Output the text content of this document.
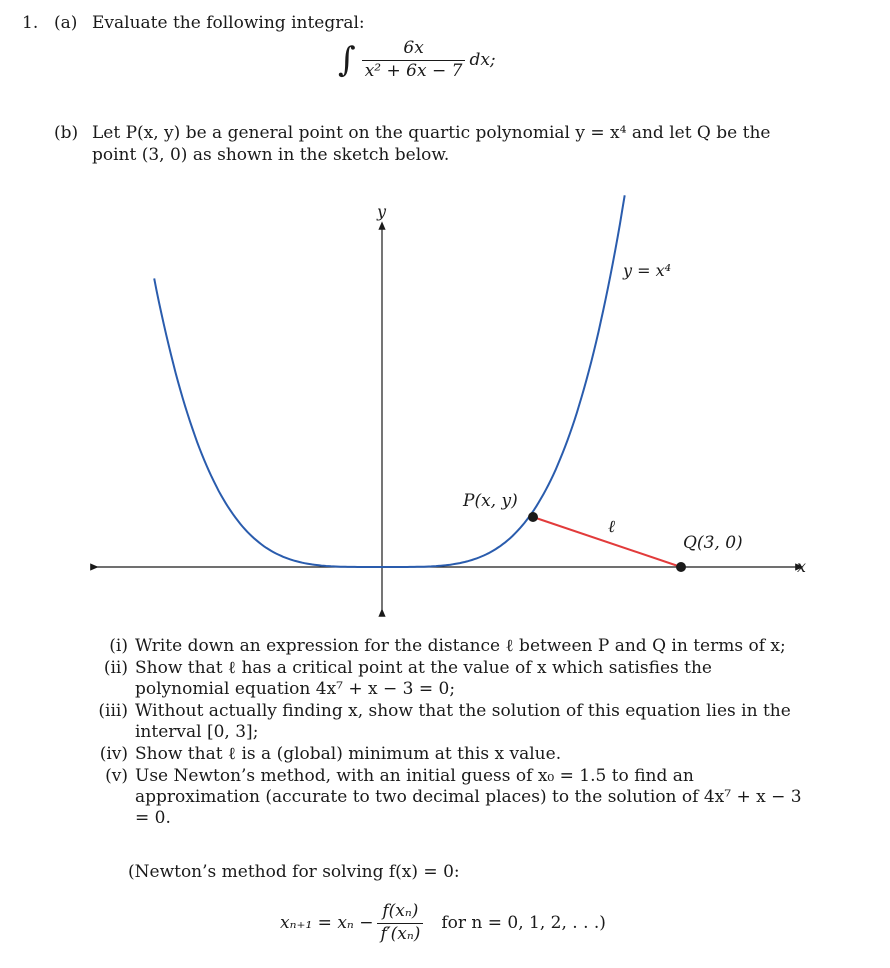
1. (a) Evaluate the following integral:
∫ $\frac{6x}{\text{x² + 6x − 7}}$ dx;
(b) Let P(x, y) be a general point on the quartic polynomial y = x⁴ and let Q be the
point (3, 0) as shown in the sketch below.
y
x
y = x⁴
P(x, y)
ℓ
Q(3, 0)
(i) Write down an expression for the distance ℓ between P and Q in terms of x;
(ii) Show that ℓ has a critical point at the value of x which satisfies the polynomial equation 4x⁷ + x − 3 = 0;
(iii) Without actually finding x, show that the solution of this equation lies in the interval [0, 3];
(iv) Show that ℓ is a (global) minimum at this x value.
(v) Use Newton’s method, with an initial guess of x₀ = 1.5 to find an approximation (accurate to two decimal places) to the solution of 4x⁷ + x − 3 = 0.
(Newton’s method for solving f(x) = 0:
$x_{n+1} = x_n - \frac{\text{f(xₙ)}}{\text{f′(xₙ)}}$ for n = 0, 1, 2, . . .)
